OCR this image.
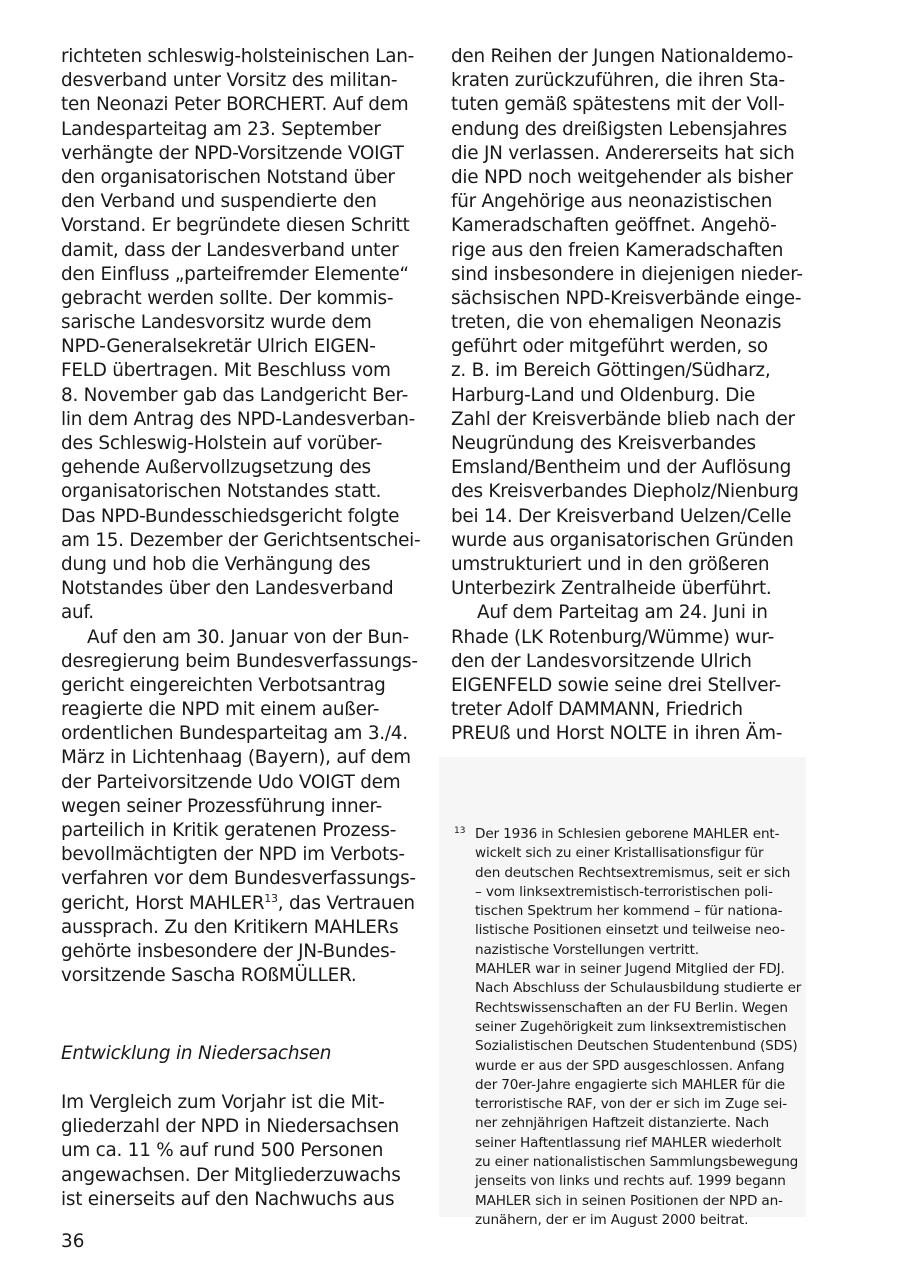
richteten schleswig-holsteinischen Lan-
desverband unter Vorsitz des militan-
ten Neonazi Peter BORCHERT. Auf dem
Landesparteitag am 23. September
verhängte der NPD-Vorsitzende VOIGT
den organisatorischen Notstand über
den Verband und suspendierte den
Vorstand. Er begründete diesen Schritt
damit, dass der Landesverband unter
den Einfluss „parteifremder Elemente“
gebracht werden sollte. Der kommis-
sarische Landesvorsitz wurde dem
NPD-Generalsekretär Ulrich EIGEN-
FELD übertragen. Mit Beschluss vom
8. November gab das Landgericht Ber-
lin dem Antrag des NPD-Landesverban-
des Schleswig-Holstein auf vorüber-
gehende Außervollzugsetzung des
organisatorischen Notstandes statt.
Das NPD-Bundesschiedsgericht folgte
am 15. Dezember der Gerichtsentschei-
dung und hob die Verhängung des
Notstandes über den Landesverband
auf.
Auf den am 30. Januar von der Bun-
desregierung beim Bundesverfassungs-
gericht eingereichten Verbotsantrag
reagierte die NPD mit einem außer-
ordentlichen Bundesparteitag am 3./4.
März in Lichtenhaag (Bayern), auf dem
der Parteivorsitzende Udo VOIGT dem
wegen seiner Prozessführung inner-
parteilich in Kritik geratenen Prozess-
bevollmächtigten der NPD im Verbots-
verfahren vor dem Bundesverfassungs-
gericht, Horst MAHLER$^{13}$, das Vertrauen
aussprach. Zu den Kritikern MAHLERs
gehörte insbesondere der JN-Bundes-
vorsitzende Sascha ROßMÜLLER.
Entwicklung in Niedersachsen
Im Vergleich zum Vorjahr ist die Mit-
gliederzahl der NPD in Niedersachsen
um ca. 11 % auf rund 500 Personen
angewachsen. Der Mitgliederzuwachs
ist einerseits auf den Nachwuchs aus
den Reihen der Jungen Nationaldemo-
kraten zurückzuführen, die ihren Sta-
tuten gemäß spätestens mit der Voll-
endung des dreißigsten Lebensjahres
die JN verlassen. Andererseits hat sich
die NPD noch weitgehender als bisher
für Angehörige aus neonazistischen
Kameradschaften geöffnet. Angehö-
rige aus den freien Kameradschaften
sind insbesondere in diejenigen nieder-
sächsischen NPD-Kreisverbände einge-
treten, die von ehemaligen Neonazis
geführt oder mitgeführt werden, so
z. B. im Bereich Göttingen/Südharz,
Harburg-Land und Oldenburg. Die
Zahl der Kreisverbände blieb nach der
Neugründung des Kreisverbandes
Emsland/Bentheim und der Auflösung
des Kreisverbandes Diepholz/Nienburg
bei 14. Der Kreisverband Uelzen/Celle
wurde aus organisatorischen Gründen
umstrukturiert und in den größeren
Unterbezirk Zentralheide überführt.
Auf dem Parteitag am 24. Juni in
Rhade (LK Rotenburg/Wümme) wur-
den der Landesvorsitzende Ulrich
EIGENFELD sowie seine drei Stellver-
treter Adolf DAMMANN, Friedrich
PREUß und Horst NOLTE in ihren Äm-
13 Der 1936 in Schlesien geborene MAHLER ent-
wickelt sich zu einer Kristallisationsfigur für
den deutschen Rechtsextremismus, seit er sich
– vom linksextremistisch-terroristischen poli-
tischen Spektrum her kommend – für nationa-
listische Positionen einsetzt und teilweise neo-
nazistische Vorstellungen vertritt.
MAHLER war in seiner Jugend Mitglied der FDJ.
Nach Abschluss der Schulausbildung studierte er
Rechtswissenschaften an der FU Berlin. Wegen
seiner Zugehörigkeit zum linksextremistischen
Sozialistischen Deutschen Studentenbund (SDS)
wurde er aus der SPD ausgeschlossen. Anfang
der 70er-Jahre engagierte sich MAHLER für die
terroristische RAF, von der er sich im Zuge sei-
ner zehnjährigen Haftzeit distanzierte. Nach
seiner Haftentlassung rief MAHLER wiederholt
zu einer nationalistischen Sammlungsbewegung
jenseits von links und rechts auf. 1999 begann
MAHLER sich in seinen Positionen der NPD an-
zunähern, der er im August 2000 beitrat.
36
